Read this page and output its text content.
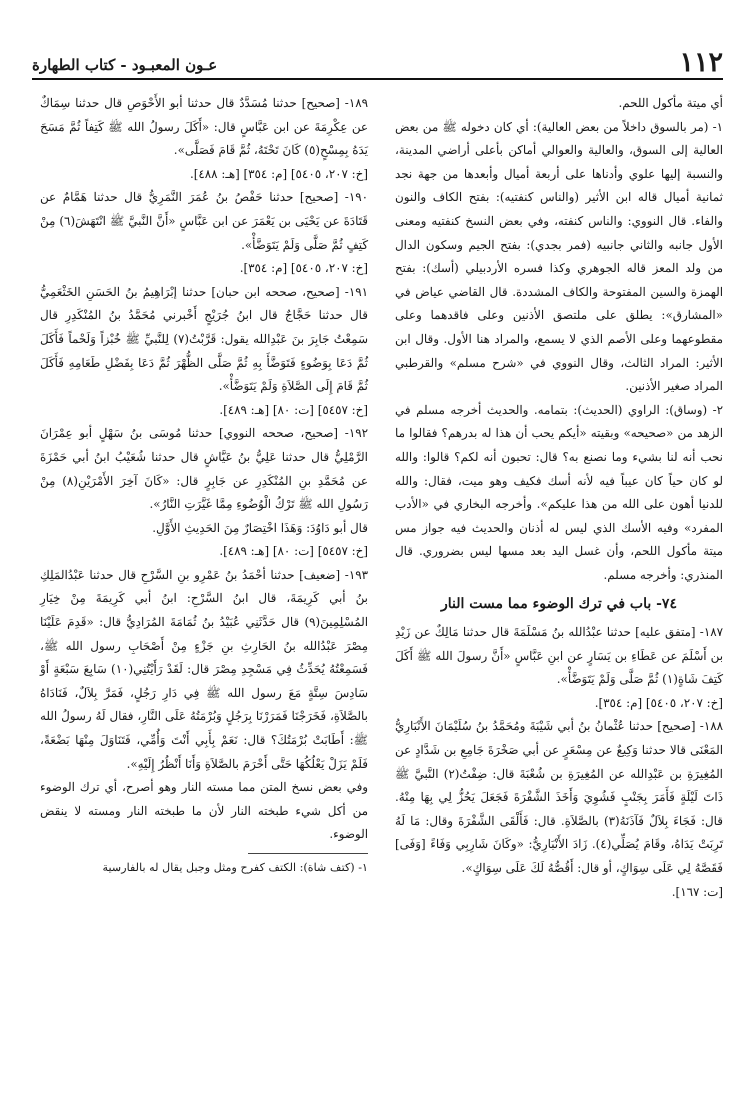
١١٢
عـون المعبـود - كتاب الطهارة

أي ميتة مأكول اللحم.

١- (مر بالسوق داخلاً من بعض العالية): أي كان دخوله ﷺ من بعض العالية إلى السوق، والعالية والعوالي أماكن بأعلى أراضي المدينة، والنسبة إليها علوي وأدناها على أربعة أميال وأبعدها من جهة نجد ثمانية أميال قاله ابن الأثير (والناس كنفتيه): بفتح الكاف والنون والفاء. قال النووي: والناس كنفته، وفي بعض النسخ كنفتيه ومعنى الأول جانبه والثاني جانبيه (فمر بجدي): بفتح الجيم وسكون الدال من ولد المعز قاله الجوهري وكذا فسره الأردبيلي (أسك): بفتح الهمزة والسين المفتوحة والكاف المشددة. قال القاضي عياض في «المشارق»: يطلق على ملتصق الأذنين وعلى فاقدهما وعلى مقطوعهما وعلى الأصم الذي لا يسمع، والمراد هنا الأول. وقال ابن الأثير: المراد الثالث، وقال النووي في «شرح مسلم» والقرطبي المراد صغير الأذنين.

٢- (وساق): الراوي (الحديث): بتمامه. والحديث أخرجه مسلم في الزهد من «صحيحه» وبقيته «أيكم يحب أن هذا له بدرهم؟ فقالوا ما نحب أنه لنا بشيء وما نصنع به؟ قال: تحبون أنه لكم؟ قالوا: والله لو كان حياً كان عيباً فيه لأنه أسك فكيف وهو ميت، فقال: والله للدنيا أهون على الله من هذا عليكم». وأخرجه البخاري في «الأدب المفرد» وفيه الأسك الذي ليس له أذنان والحديث فيه جواز مس ميتة مأكول اللحم، وأن غسل اليد بعد مسها ليس بضروري. قال المنذري: وأخرجه مسلم.

٧٤- باب في ترك الوضوء مما مست النار

١٨٧- [متفق عليه] حدثنا عبْدُالله بنُ مَسْلَمَةَ قال حدثنا مَالِكٌ عن زَيْدِ بن أَسْلَمَ عن عَطَاءِ بن يَسَارٍ عن ابنِ عَبَّاسٍ «أَنَّ رسولَ الله ﷺ أَكَلَ كَتِفَ شَاةٍ(١) ثُمَّ صَلَّى وَلَمْ يَتَوَضَّأْ».

[خ: ٢٠٧، ٥٤٠٥] [م: ٣٥٤].

١٨٨- [صحيح] حدثنا عُثْمانُ بنُ أبي شَيْبَةَ ومُحَمَّدُ بنُ سُلَيْمَانَ الأَنْبَارِيُّ المَعْنَى قالا حدثنا وَكِيعٌ عن مِسْعَرٍ عن أبي صَخْرَةَ جَامِعِ بن شَدَّادٍ عن المُغِيرَةِ بن عَبْدِالله عن المُغِيرَةِ بن شُعْبَةَ قال: ضِفْتُ(٢) النَّبيَّ ﷺ ذَاتَ لَيْلَةٍ فَأَمَرَ بِجَنْبٍ فَشُوِيَ وَأَخَذَ الشَّفْرَةَ فَجَعَلَ يَحُزُّ لِي بِهَا مِنْهُ. قال: فَجَاءَ بِلاَلٌ فَآذَنَهُ(٣) بالصَّلاَةِ. قال: فَأَلْقَى الشَّفْرَةَ وقال: مَا لَهُ تَرِبَتْ يَدَاهُ، وقَامَ يُصَلِّي(٤). زَادَ الأَنْبَارِيُّ: «وكَانَ شَارِبِي وَفَاءً [وَفَى] فَقَصَّهُ لِي عَلَى سِوَاكٍ، أو قال: أَقُصُّهُ لَكَ عَلَى سِوَاكٍ».

[ت: ١٦٧].

١٨٩- [صحيح] حدثنا مُسَدَّدٌ قال حدثنا أبو الأَحْوَصِ قال حدثنا سِمَاكٌ عن عِكْرِمَةَ عن ابن عَبَّاسٍ قال: «أَكَلَ رسولُ الله ﷺ كَتِفاً ثُمَّ مَسَحَ يَدَهُ بِمِسْحٍ(٥) كَانَ تَحْتَهُ، ثُمَّ قَامَ فَصَلَّى».

[خ: ٢٠٧، ٥٤٠٥] [م: ٣٥٤] [هـ: ٤٨٨].

١٩٠- [صحيح] حدثنا حَفْصُ بنُ عُمَرَ النَّمَرِيُّ قال حدثنا هَمَّامٌ عن قَتَادَةَ عن يَحْيَى بن يَعْمَرَ عن ابن عَبَّاسٍ «أَنَّ النَّبيَّ ﷺ انْتَهَشَ(٦) مِنْ كَتِفٍ ثُمَّ صَلَّى وَلَمْ يَتَوَضَّأْ».

[خ: ٢٠٧، ٥٤٠٥] [م: ٣٥٤].

١٩١- [صحيح، صححه ابن حبان] حدثنا إبْرَاهِيمُ بنُ الحَسَنِ الخَثْعَمِيُّ قال حدثنا حَجَّاجٌ قال ابنُ جُرَيْجٍ أَخْبرني مُحَمَّدُ بنُ المُنْكَدِرِ قال سَمِعْتُ جَابِرَ بنَ عَبْدِالله يقول: قَرَّبْتُ(٧) لِلنَّبيِّ ﷺ خُبْزاً وَلَحْماً فَأَكَلَ ثُمَّ دَعَا بِوَضُوءٍ فَتَوَضَّأَ بِهِ ثُمَّ صَلَّى الظُّهْرَ ثُمَّ دَعَا بِفَضْلِ طَعَامِهِ فَأَكَلَ ثُمَّ قَامَ إِلَى الصَّلاَةِ وَلَمْ يَتَوَضَّأْ».

[خ: ٥٤٥٧] [ت: ٨٠] [هـ: ٤٨٩].

١٩٢- [صحيح، صححه النووي] حدثنا مُوسَى بنُ سَهْلٍ أبو عِمْرَانَ الرَّمْلِيُّ قال حدثنا عَلِيُّ بنُ عَيَّاشٍ قال حدثنا شُعَيْبُ ابنُ أبي حَمْزَةَ عن مُحَمَّدِ بنِ المُنْكَدِرِ عن جَابِرٍ قال: «كَانَ آخِرَ الأَمْرَيْنِ(٨) مِنْ رَسُولِ الله ﷺ تَرْكُ الْوُضُوءِ مِمَّا غَيَّرَتِ النَّارُ».

قال أبو دَاوُدَ: وَهَذَا اخْتِصَارٌ مِنَ الحَدِيثِ الأَوَّلِ.

[خ: ٥٤٥٧] [ت: ٨٠] [هـ: ٤٨٩].

١٩٣- [ضعيف] حدثنا أحْمَدُ بنُ عَمْرِو بنِ السَّرْحِ قال حدثنا عَبْدُالمَلِكِ بنُ أبي كَرِيمَةَ، قال ابنُ السَّرْحِ: ابنُ أبي كَرِيمَةَ مِنْ خِيَارِ المُسْلِمِينَ(٩) قال حَدَّثَنِي عُبَيْدُ بنُ ثُمَامَةَ المُرَادِيُّ قال: «قَدِمَ عَلَيْنَا مِصْرَ عَبْدُالله بنُ الحَارِثِ بنِ جَزْءٍ مِنْ أَصْحَابِ رسول الله ﷺ، فَسَمِعْتُهُ يُحَدِّثُ فِي مَسْجِدِ مِصْرَ قال: لَقَدْ رَأَيْتُنِي(١٠) سَابِعَ سَبْعَةٍ أَوْ سَادِسَ سِتَّةٍ مَعَ رسول الله ﷺ فِي دَارِ رَجُلٍ، فَمَرَّ بِلاَلٌ، فَنَادَاهُ بالصَّلاَةِ، فَخَرَجْنَا فَمَرَرْنَا بِرَجُلٍ وَبُرْمَتُهُ عَلَى النَّارِ، فقال لَهُ رسولُ الله ﷺ: أَطَابَتْ بُرْمَتُكَ؟ قال: نَعَمْ بِأَبِي أَنْتَ وَأُمِّي، فَتَنَاوَلَ مِنْهَا بَضْعَةً، فَلَمْ يَزَلْ يَعْلُكُهَا حَتَّى أَحْرَمَ بالصَّلاَةِ وَأَنَا أَنْظُرُ إِلَيْهِ».

وفي بعض نسخ المتن مما مسته النار وهو أصرح، أي ترك الوضوء من أكل شيء طبخته النار لأن ما طبخته النار ومسته لا ينقض الوضوء.

١- (كتف شاة): الكتف كفرح ومثل وجبل يقال له بالفارسية
